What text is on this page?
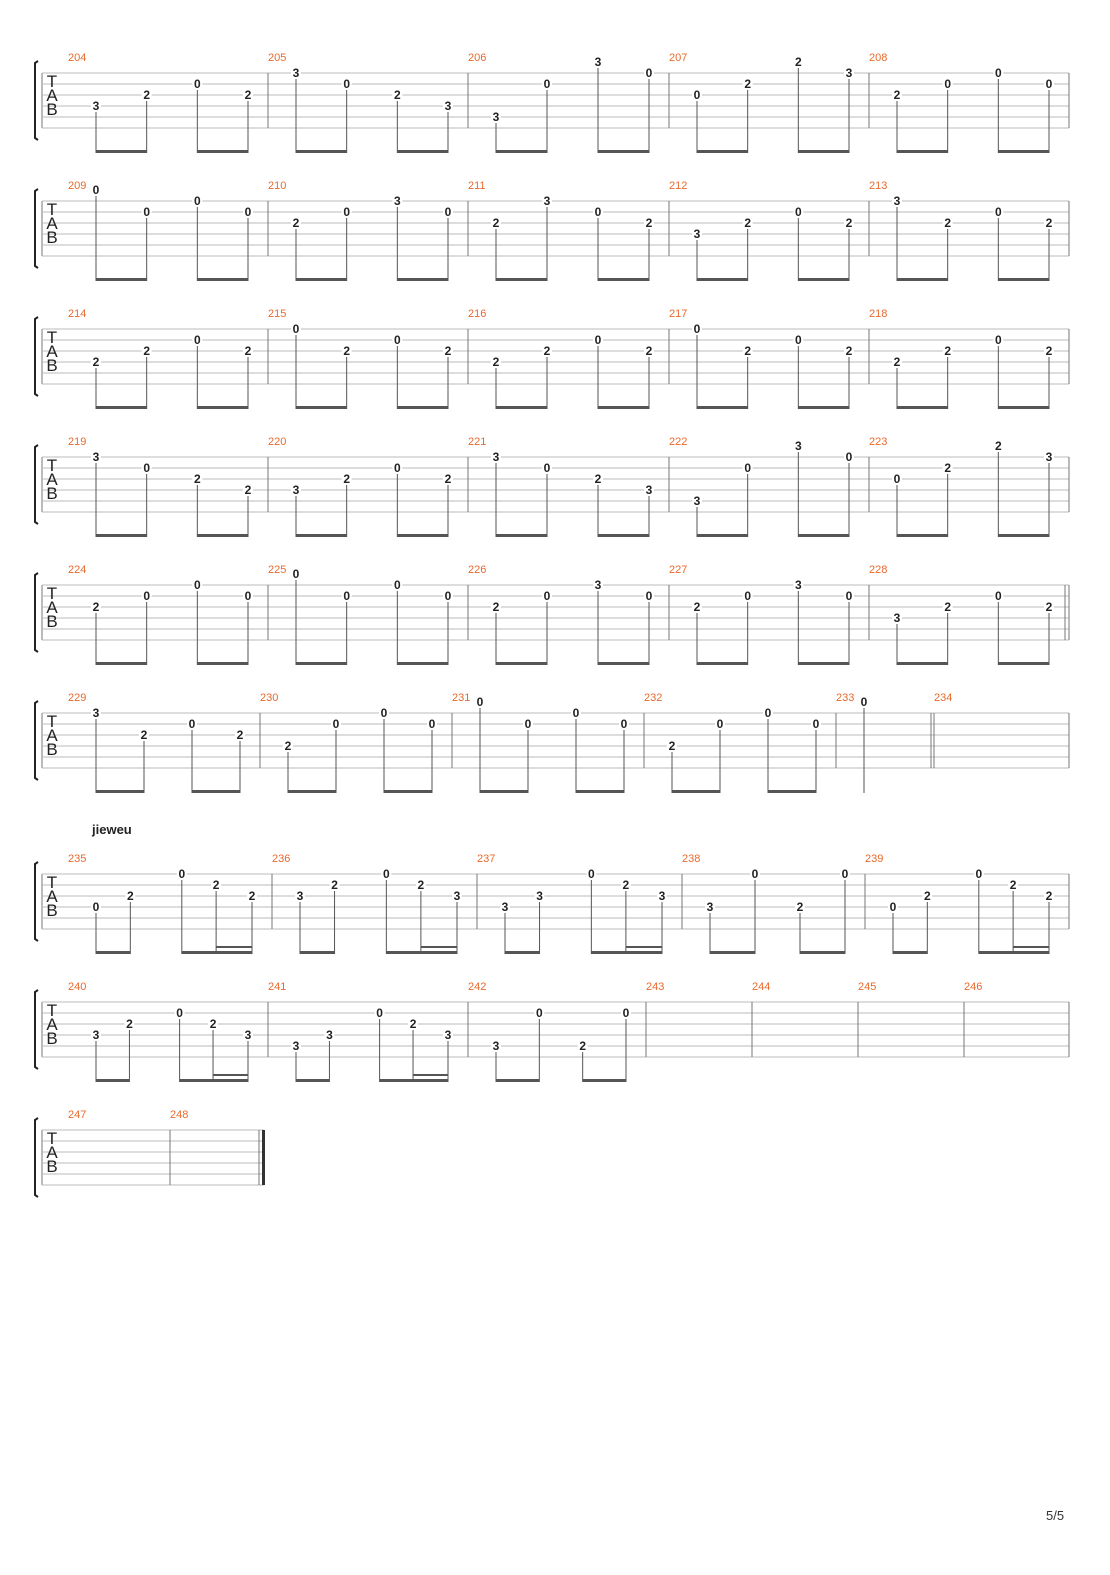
T
A
B
204
3
2
0
2
205
3
0
2
3
206
3
0
3
0
207
0
2
2
3
208
2
0
0
0
T
A
B
209 0
0
0
0
210
2
0
3
0
211
2
3
0
2
212
3
2
0
2
213
3
2
0
2
T
A
B
214
2
2
0
2
215
0
2
0
2
216
2
2
0
2
217
0
2
0
2
218
2
2
0
2
T
A
B
219
3
0
2
2
220
3
2
0
2
221
3
0
2
3
222
3
0
3
0
223
0
2
2
3
T
A
B
224
2
0
0
0
225 0
0
0
0
226
2
0
3
0
227
2
0
3
0
228
3
2
0
2
T
A
B
229
3
2
0
2
230
2
0
0
0
231 0
0
0
0
232
2
0
0
0
233 0	234
T
A
B
235
0
2
0
2
2
236
3
2
0
2
3
237
3
3
0
2
3
238
3
0
2
0
239
0
2
0
2
2
T
A
B
240
3
2
0
2
3
241
3
3
0
2
3
242
3
0
2
0
243	244	245	246
T
A
B
247	248
jieweu
5/5
